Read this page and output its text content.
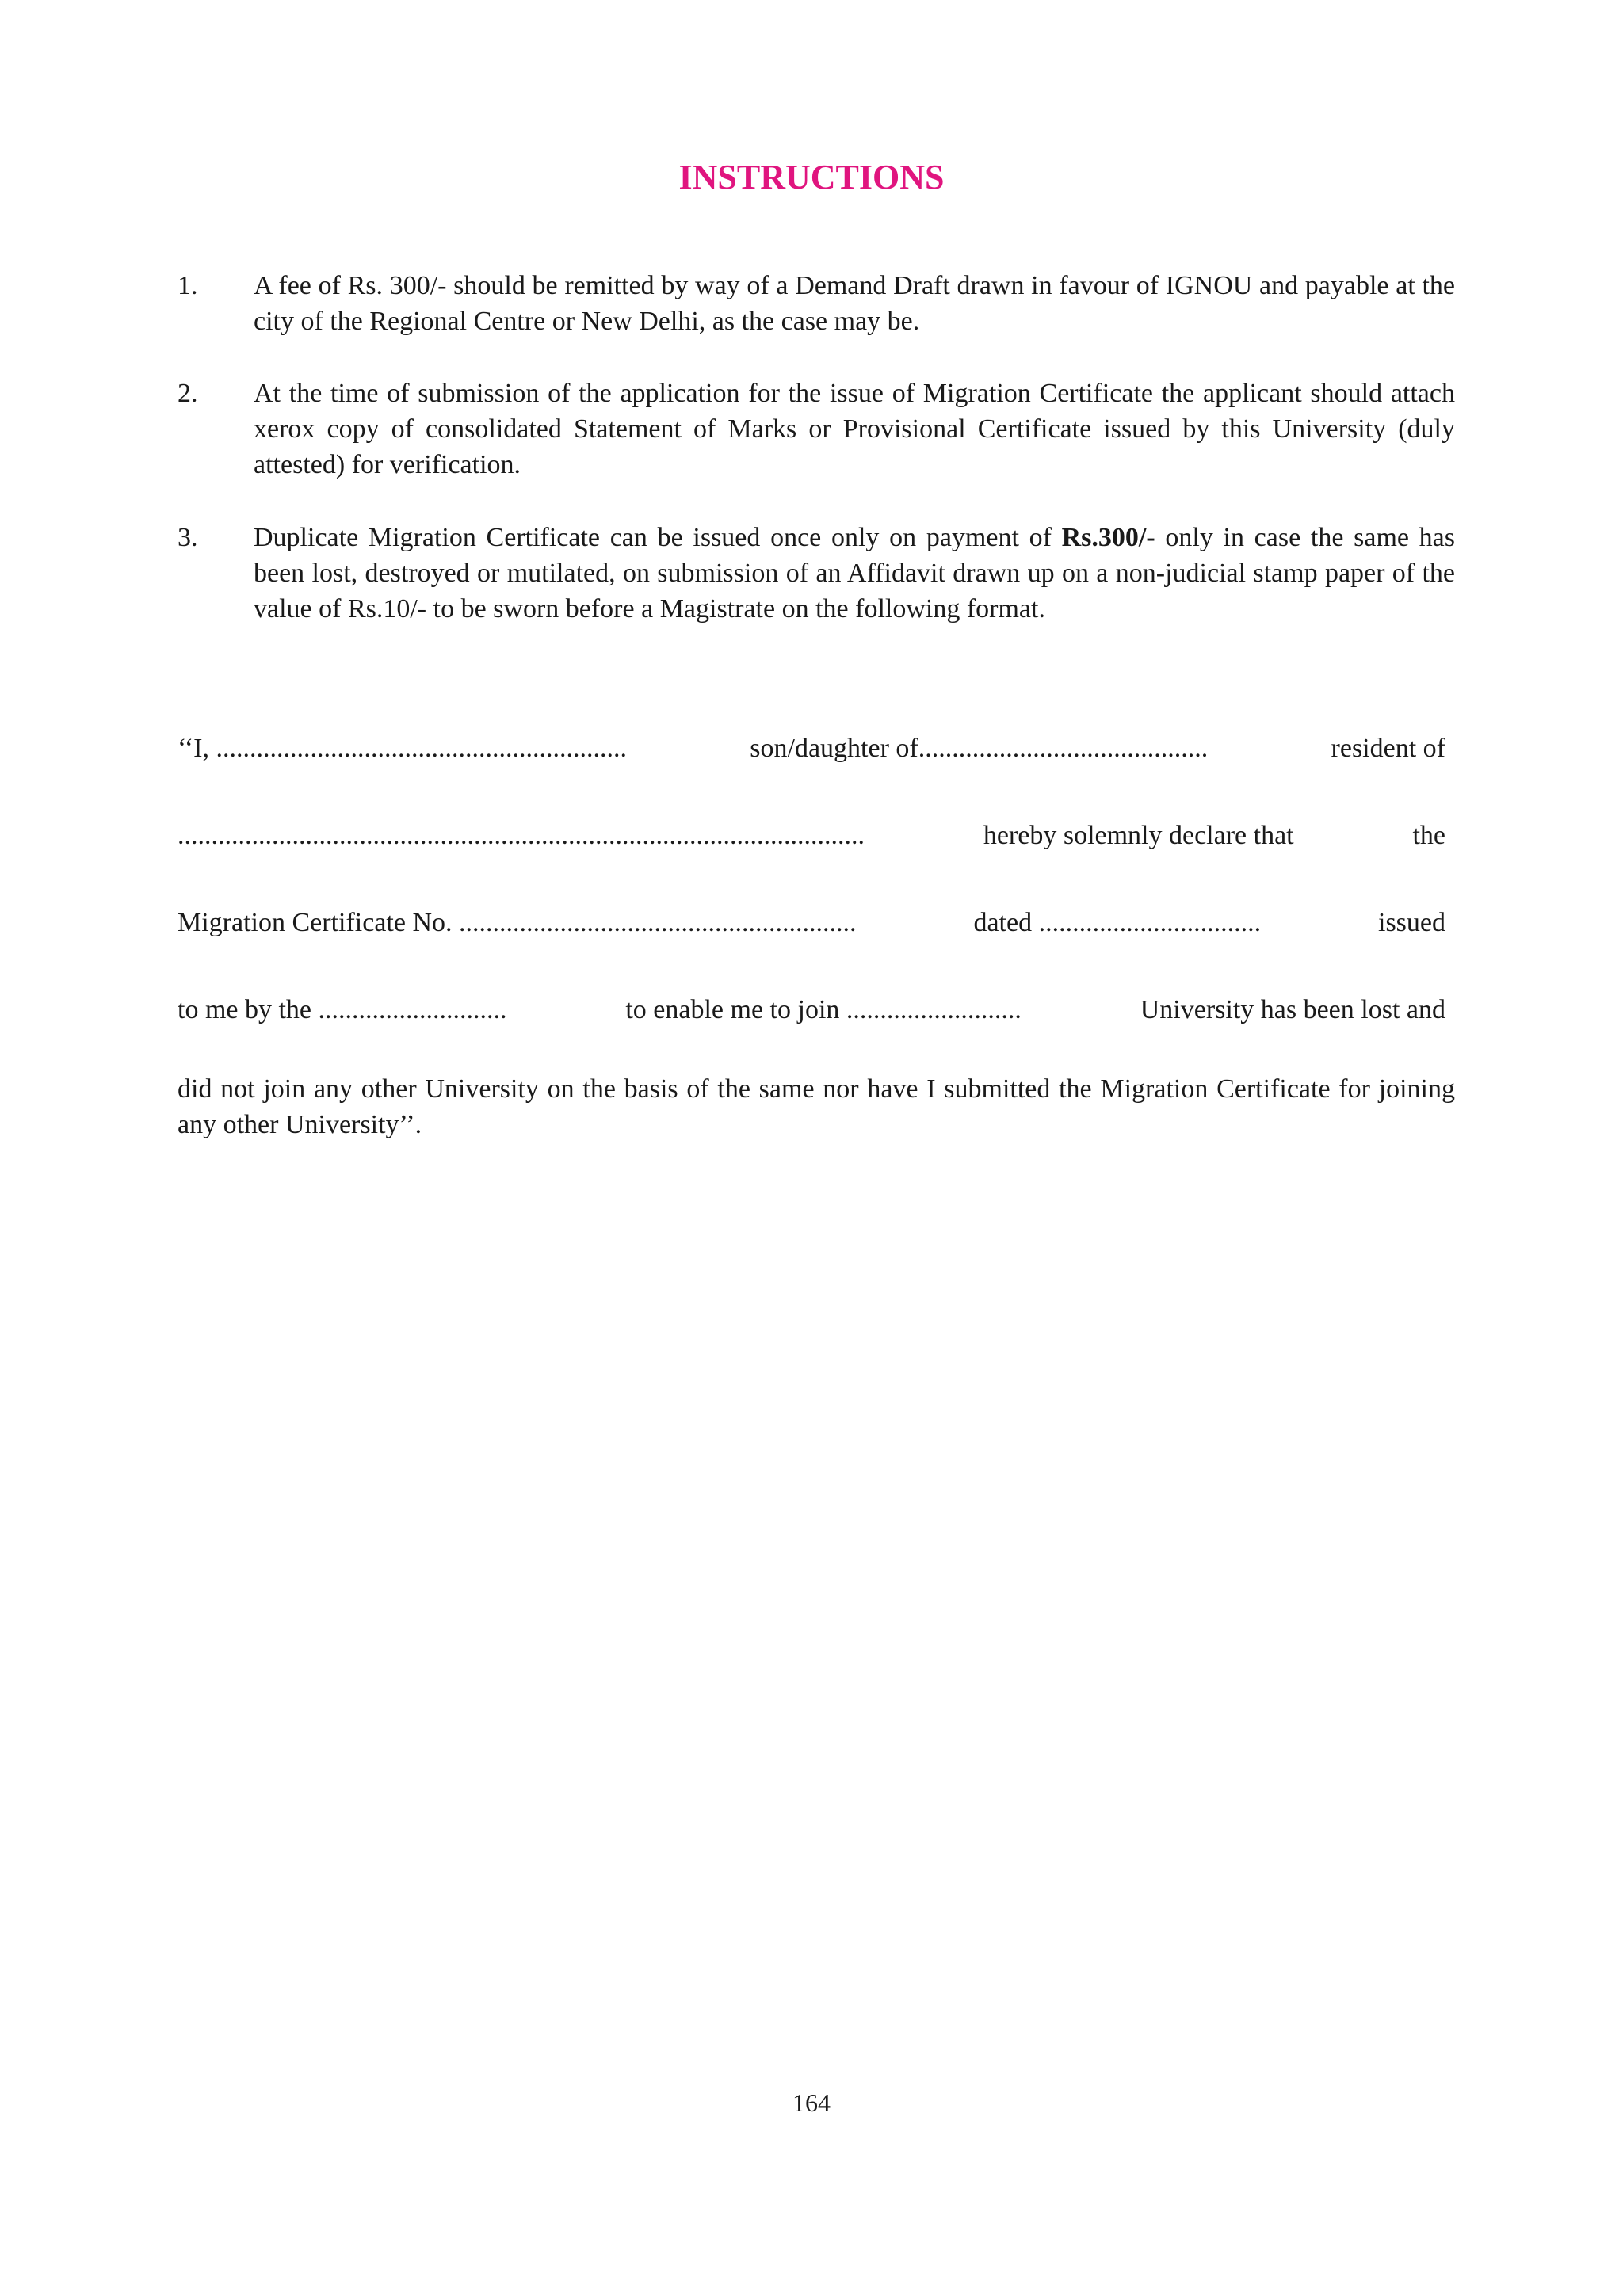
INSTRUCTIONS
1.	A fee of Rs. 300/- should be remitted by way of a Demand Draft drawn in favour of IGNOU and payable at the city of the Regional Centre or New Delhi, as the case may be.
2.	At the time of submission of the application for the issue of Migration Certificate the applicant should attach xerox copy of consolidated Statement of Marks or Provisional Certificate issued by this University (duly attested) for verification.
3.	Duplicate Migration Certificate can be issued once only on payment of Rs.300/- only in case the same has been lost, destroyed or mutilated, on submission of an Affidavit drawn up on a non-judicial stamp paper of the value of Rs.10/- to be sworn before a Magistrate on the following format.
‘‘I, .............................................................	son/daughter of...........................................	resident of
......................................................................................................	hereby solemnly declare that	the
Migration Certificate No. ...........................................................	dated .................................	issued
to me by the ............................	to enable me to join ..........................	University has been lost and
did not join any other University on the basis of the same nor have I submitted the Migration Certificate for joining any other University’’.
164
